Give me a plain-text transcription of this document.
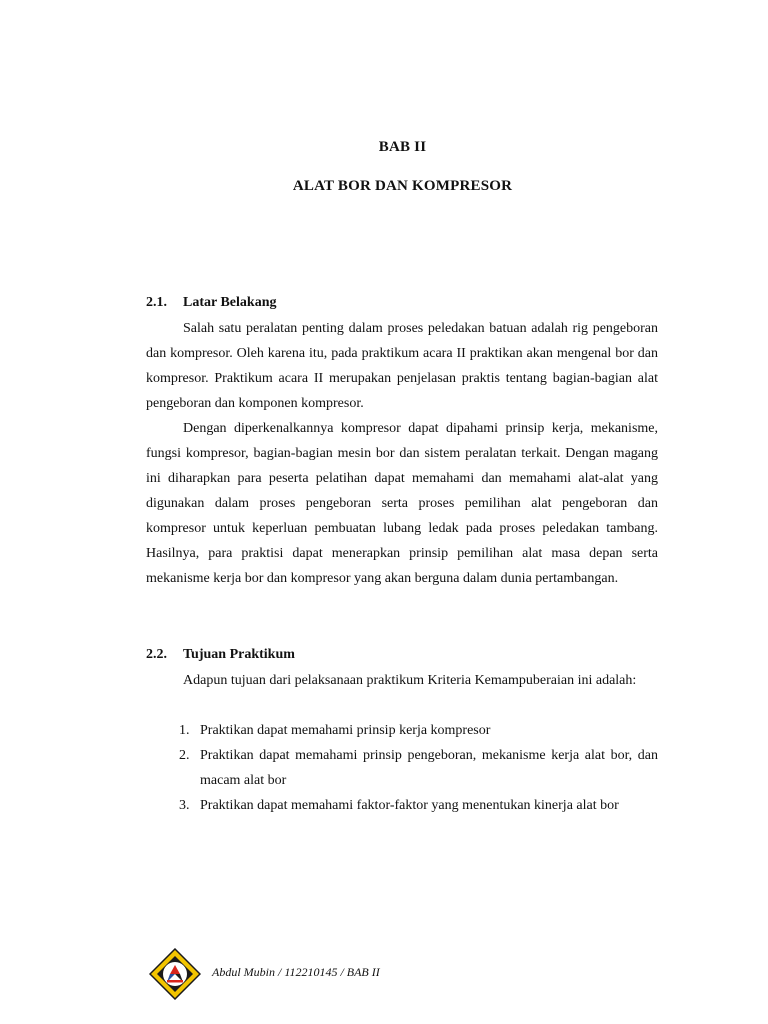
BAB II
ALAT BOR DAN KOMPRESOR
2.1. Latar Belakang

Salah satu peralatan penting dalam proses peledakan batuan adalah rig pengeboran dan kompresor. Oleh karena itu, pada praktikum acara II praktikan akan mengenal bor dan kompresor. Praktikum acara II merupakan penjelasan praktis tentang bagian-bagian alat pengeboran dan komponen kompresor.

Dengan diperkenalkannya kompresor dapat dipahami prinsip kerja, mekanisme, fungsi kompresor, bagian-bagian mesin bor dan sistem peralatan terkait. Dengan magang ini diharapkan para peserta pelatihan dapat memahami dan memahami alat-alat yang digunakan dalam proses pengeboran serta proses pemilihan alat pengeboran dan kompresor untuk keperluan pembuatan lubang ledak pada proses peledakan tambang. Hasilnya, para praktisi dapat menerapkan prinsip pemilihan alat masa depan serta mekanisme kerja bor dan kompresor yang akan berguna dalam dunia pertambangan.

2.2. Tujuan Praktikum

Adapun tujuan dari pelaksanaan praktikum Kriteria Kemampuberaian ini adalah:

1. Praktikan dapat memahami prinsip kerja kompresor
2. Praktikan dapat memahami prinsip pengeboran, mekanisme kerja alat bor, dan macam alat bor
3. Praktikan dapat memahami faktor-faktor yang menentukan kinerja alat bor
Abdul Mubin / 112210145 / BAB II
